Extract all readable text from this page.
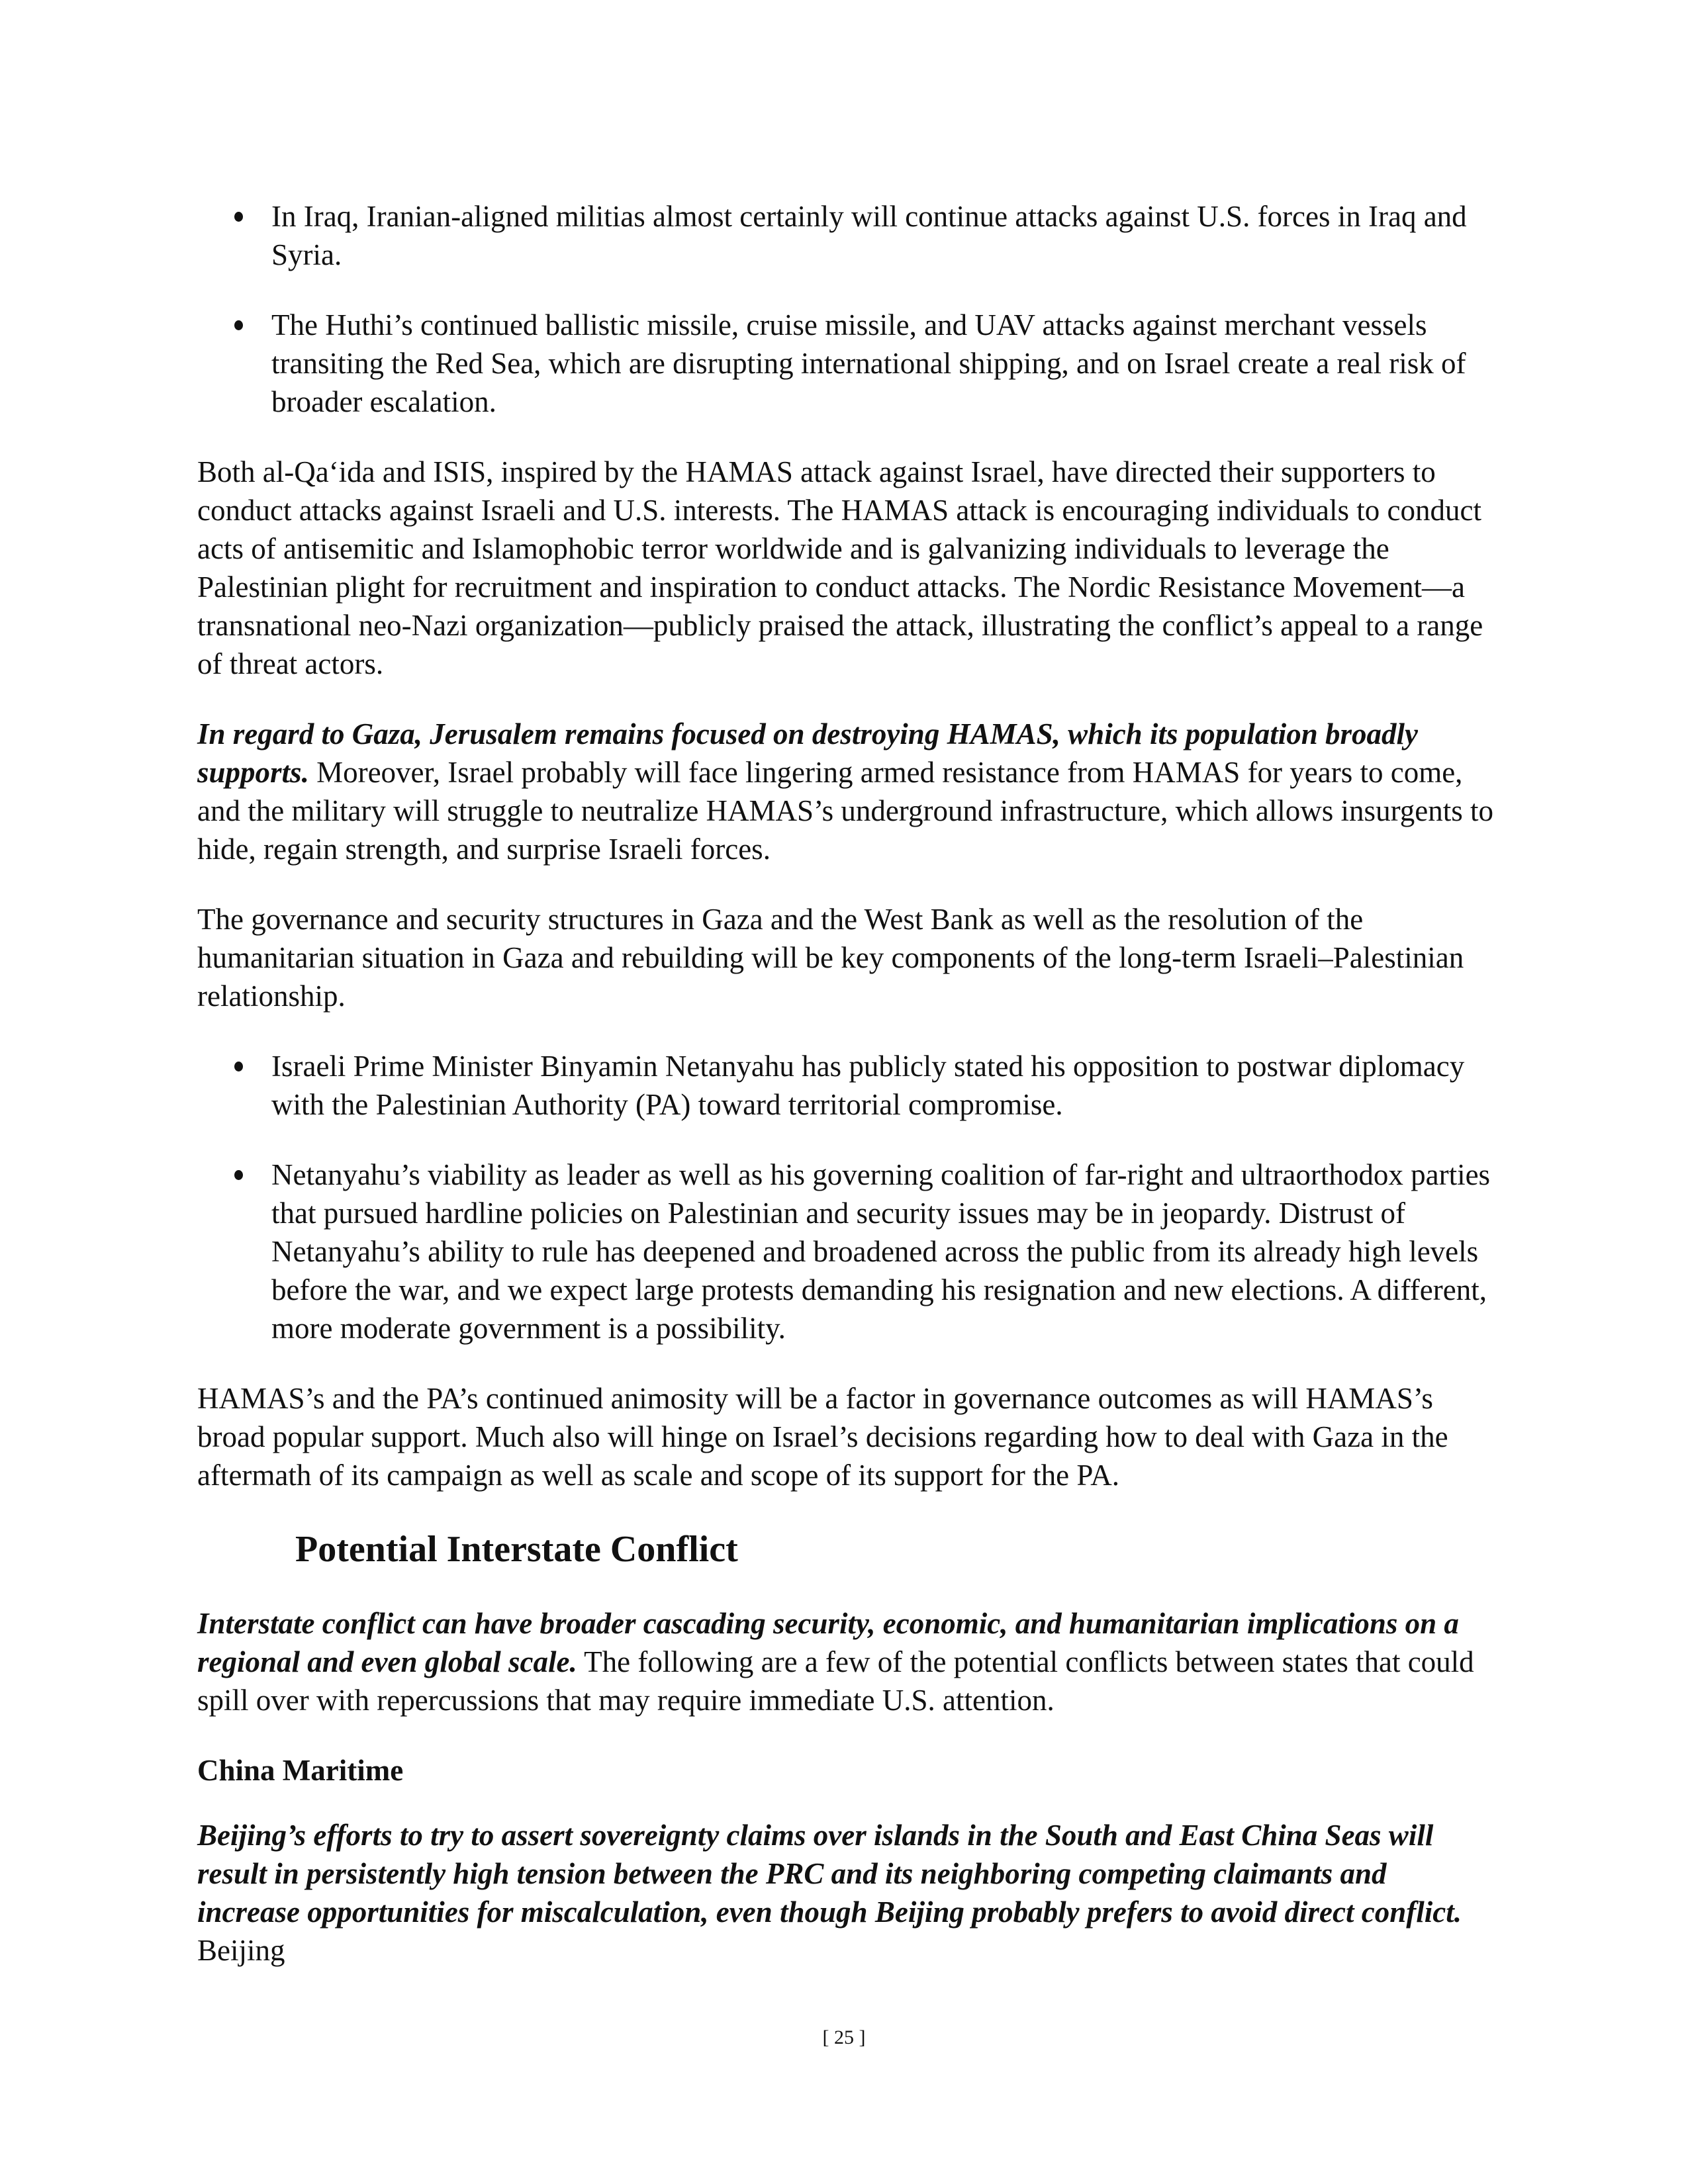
In Iraq, Iranian-aligned militias almost certainly will continue attacks against U.S. forces in Iraq and Syria.
The Huthi’s continued ballistic missile, cruise missile, and UAV attacks against merchant vessels transiting the Red Sea, which are disrupting international shipping, and on Israel create a real risk of broader escalation.

Both al-Qa‘ida and ISIS, inspired by the HAMAS attack against Israel, have directed their supporters to conduct attacks against Israeli and U.S. interests. The HAMAS attack is encouraging individuals to conduct acts of antisemitic and Islamophobic terror worldwide and is galvanizing individuals to leverage the Palestinian plight for recruitment and inspiration to conduct attacks. The Nordic Resistance Movement—a transnational neo-Nazi organization—publicly praised the attack, illustrating the conflict’s appeal to a range of threat actors.

In regard to Gaza, Jerusalem remains focused on destroying HAMAS, which its population broadly supports. Moreover, Israel probably will face lingering armed resistance from HAMAS for years to come, and the military will struggle to neutralize HAMAS’s underground infrastructure, which allows insurgents to hide, regain strength, and surprise Israeli forces.

The governance and security structures in Gaza and the West Bank as well as the resolution of the humanitarian situation in Gaza and rebuilding will be key components of the long-term Israeli–Palestinian relationship.

Israeli Prime Minister Binyamin Netanyahu has publicly stated his opposition to postwar diplomacy with the Palestinian Authority (PA) toward territorial compromise.
Netanyahu’s viability as leader as well as his governing coalition of far-right and ultraorthodox parties that pursued hardline policies on Palestinian and security issues may be in jeopardy. Distrust of Netanyahu’s ability to rule has deepened and broadened across the public from its already high levels before the war, and we expect large protests demanding his resignation and new elections. A different, more moderate government is a possibility.

HAMAS’s and the PA’s continued animosity will be a factor in governance outcomes as will HAMAS’s broad popular support. Much also will hinge on Israel’s decisions regarding how to deal with Gaza in the aftermath of its campaign as well as scale and scope of its support for the PA.

Potential Interstate Conflict

Interstate conflict can have broader cascading security, economic, and humanitarian implications on a regional and even global scale. The following are a few of the potential conflicts between states that could spill over with repercussions that may require immediate U.S. attention.

China Maritime

Beijing’s efforts to try to assert sovereignty claims over islands in the South and East China Seas will result in persistently high tension between the PRC and its neighboring competing claimants and increase opportunities for miscalculation, even though Beijing probably prefers to avoid direct conflict. Beijing

[ 25 ]
